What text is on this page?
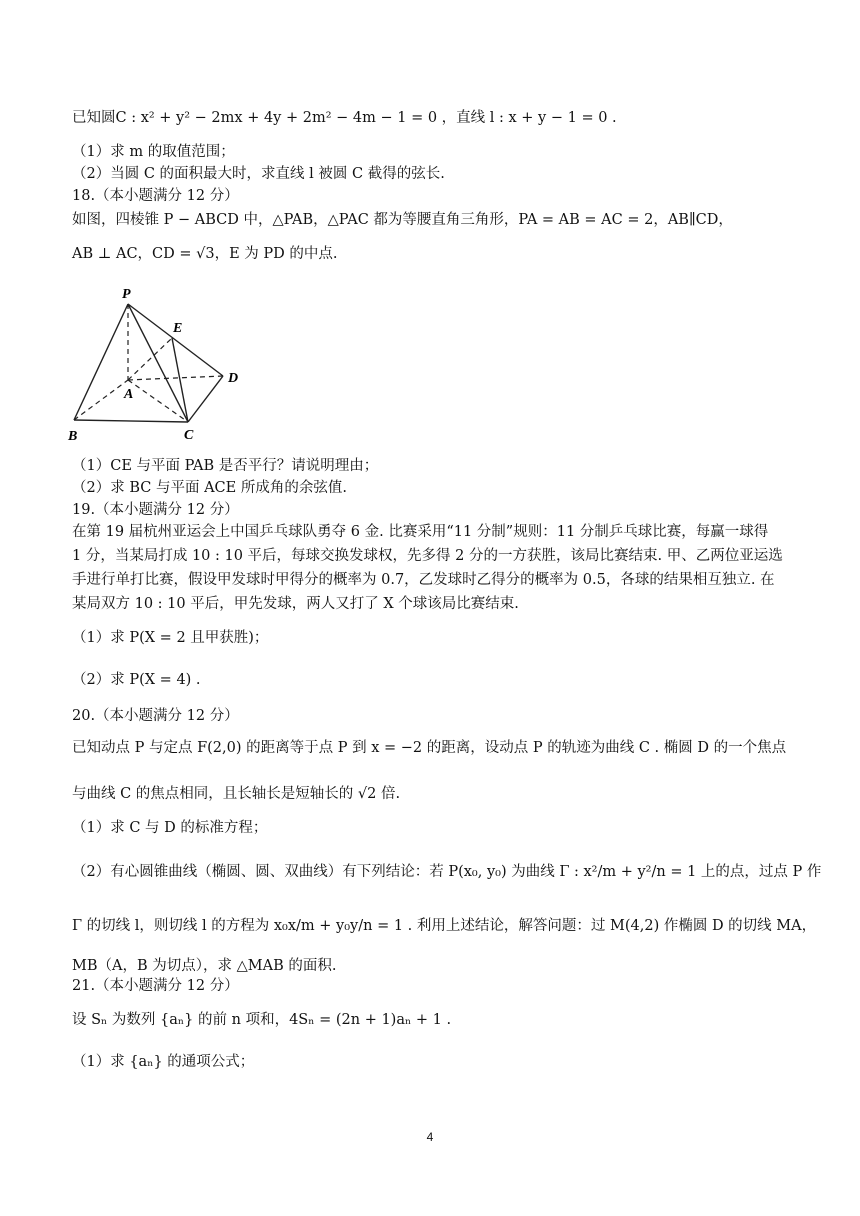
已知圆C : x² + y² − 2mx + 4y + 2m² − 4m − 1 = 0 ，直线 l : x + y − 1 = 0 .
（1）求 m 的取值范围；
（2）当圆 C 的面积最大时，求直线 l 被圆 C 截得的弦长.
18.（本小题满分 12 分）
如图，四棱锥 P − ABCD 中，△PAB，△PAC 都为等腰直角三角形，PA = AB = AC = 2，AB∥CD，
AB ⊥ AC，CD = √3，E 为 PD 的中点.
P
E
A
B	C
D
（1）CE 与平面 PAB 是否平行？请说明理由；
（2）求 BC 与平面 ACE 所成角的余弦值.
19.（本小题满分 12 分）
在第 19 届杭州亚运会上中国乒乓球队勇夺 6 金. 比赛采用“11 分制”规则：11 分制乒乓球比赛，每赢一球得
1 分，当某局打成 10 : 10 平后，每球交换发球权，先多得 2 分的一方获胜，该局比赛结束. 甲、乙两位亚运选
手进行单打比赛，假设甲发球时甲得分的概率为 0.7，乙发球时乙得分的概率为 0.5，各球的结果相互独立. 在
某局双方 10 : 10 平后，甲先发球，两人又打了 X 个球该局比赛结束.
（1）求 P(X = 2 且甲获胜)；
（2）求 P(X = 4) .
20.（本小题满分 12 分）
已知动点 P 与定点 F(2,0) 的距离等于点 P 到 x = −2 的距离，设动点 P 的轨迹为曲线 C . 椭圆 D 的一个焦点
与曲线 C 的焦点相同，且长轴长是短轴长的 √2 倍.
（1）求 C 与 D 的标准方程；
（2）有心圆锥曲线（椭圆、圆、双曲线）有下列结论：若 P(x₀, y₀) 为曲线 Γ : x²/m + y²/n = 1 上的点，过点 P 作
Γ 的切线 l，则切线 l 的方程为 x₀x/m + y₀y/n = 1 . 利用上述结论，解答问题：过 M(4,2) 作椭圆 D 的切线 MA，
MB（A，B 为切点），求 △MAB 的面积.
21.（本小题满分 12 分）
设 Sₙ 为数列 {aₙ} 的前 n 项和，4Sₙ = (2n + 1)aₙ + 1 .
（1）求 {aₙ} 的通项公式；
4
